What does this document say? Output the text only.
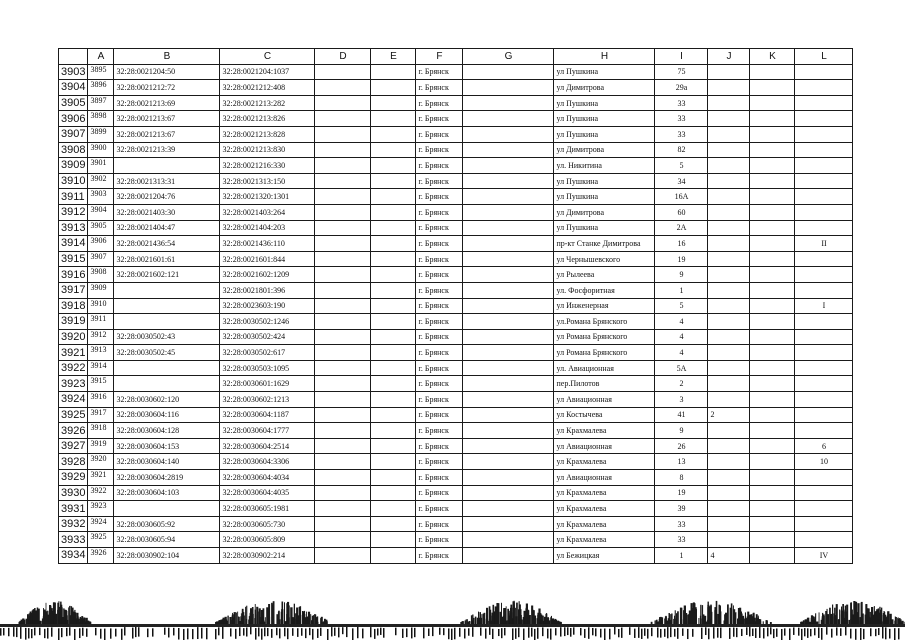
	A	B	C	D	E	F	G	H	I	J	K	L
3903	3895	32:28:0021204:50	32:28:0021204:1037			г. Брянск		ул Пушкина	75			
3904	3896	32:28:0021212:72	32:28:0021212:408			г. Брянск		ул Димитрова	29а			
3905	3897	32:28:0021213:69	32:28:0021213:282			г. Брянск		ул Пушкина	33			
3906	3898	32:28:0021213:67	32:28:0021213:826			г. Брянск		ул Пушкина	33			
3907	3899	32:28:0021213:67	32:28:0021213:828			г. Брянск		ул Пушкина	33			
3908	3900	32:28:0021213:39	32:28:0021213:830			г. Брянск		ул Димитрова	82			
3909	3901		32:28:0021216:330			г. Брянск		ул. Никитина	5			
3910	3902	32:28:0021313:31	32:28:0021313:150			г. Брянск		ул Пушкина	34			
3911	3903	32:28:0021204:76	32:28:0021320:1301			г. Брянск		ул Пушкина	16А			
3912	3904	32:28:0021403:30	32:28:0021403:264			г. Брянск		ул Димитрова	60			
3913	3905	32:28:0021404:47	32:28:0021404:203			г. Брянск		ул Пушкина	2А			
3914	3906	32:28:0021436:54	32:28:0021436:110			г. Брянск		пр-кт Станке Димитрова	16			II
3915	3907	32:28:0021601:61	32:28:0021601:844			г. Брянск		ул Чернышевского	19			
3916	3908	32:28:0021602:121	32:28:0021602:1209			г. Брянск		ул Рылеева	9			
3917	3909		32:28:0021801:396			г. Брянск		ул. Фосфоритная	1			
3918	3910		32:28:0023603:190			г. Брянск		ул Инженерная	5			I
3919	3911		32:28:0030502:1246			г. Брянск		ул.Романа Брянского	4			
3920	3912	32:28:0030502:43	32:28:0030502:424			г. Брянск		ул Романа Брянского	4			
3921	3913	32:28:0030502:45	32:28:0030502:617			г. Брянск		ул Романа Брянского	4			
3922	3914		32:28:0030503:1095			г. Брянск		ул. Авиационная	5А			
3923	3915		32:28:0030601:1629			г. Брянск		пер.Пилотов	2			
3924	3916	32:28:0030602:120	32:28:0030602:1213			г. Брянск		ул Авиационная	3			
3925	3917	32:28:0030604:116	32:28:0030604:1187			г. Брянск		ул Костычева	41	2		
3926	3918	32:28:0030604:128	32:28:0030604:1777			г. Брянск		ул Крахмалева	9			
3927	3919	32:28:0030604:153	32:28:0030604:2514			г. Брянск		ул Авиационная	26			6
3928	3920	32:28:0030604:140	32:28:0030604:3306			г. Брянск		ул Крахмалева	13			10
3929	3921	32:28:0030604:2819	32:28:0030604:4034			г. Брянск		ул Авиационная	8			
3930	3922	32:28:0030604:103	32:28:0030604:4035			г. Брянск		ул Крахмалева	19			
3931	3923		32:28:0030605:1981			г. Брянск		ул Крахмалева	39			
3932	3924	32:28:0030605:92	32:28:0030605:730			г. Брянск		ул Крахмалева	33			
3933	3925	32:28:0030605:94	32:28:0030605:809			г. Брянск		ул Крахмалева	33			
3934	3926	32:28:0030902:104	32:28:0030902:214			г. Брянск		ул Бежицкая	1	4		IV
